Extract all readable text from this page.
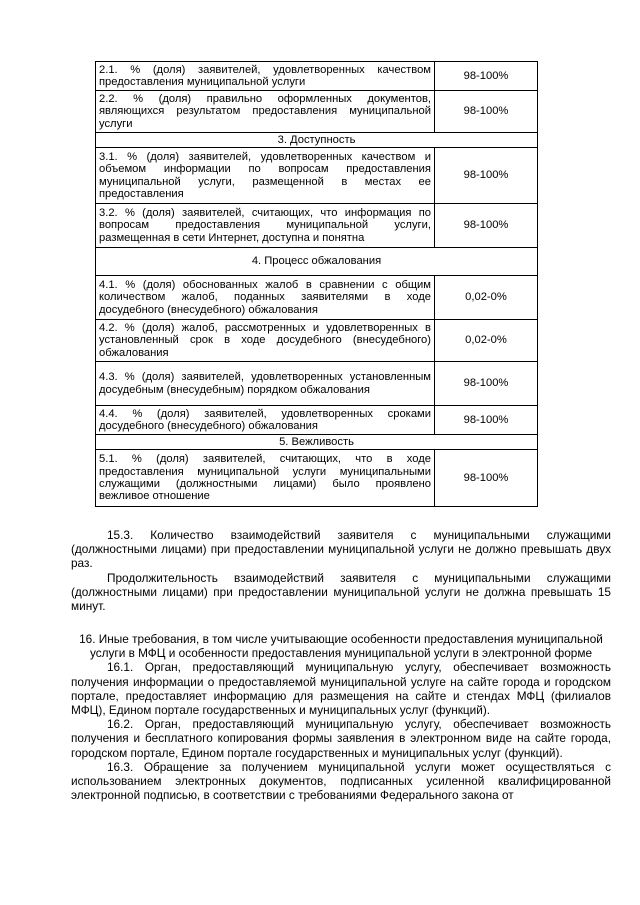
2.1. % (доля) заявителей, удовлетворенных качеством предоставления муниципальной услуги	98-100%
2.2. % (доля) правильно оформленных документов, являющихся результатом предоставления муниципальной услуги	98-100%
3. Доступность	
3.1. % (доля) заявителей, удовлетворенных качеством и объемом информации по вопросам предоставления муниципальной услуги, размещенной в местах ее предоставления	98-100%
3.2. % (доля) заявителей, считающих, что информация по вопросам предоставления муниципальной услуги, размещенная в сети Интернет, доступна и понятна	98-100%
4. Процесс обжалования	
4.1. % (доля) обоснованных жалоб в сравнении с общим количеством жалоб, поданных заявителями в ходе досудебного (внесудебного) обжалования	0,02-0%
4.2. % (доля) жалоб, рассмотренных и удовлетворенных в установленный срок в ходе досудебного (внесудебного) обжалования	0,02-0%
4.3. % (доля) заявителей, удовлетворенных установленным досудебным (внесудебным) порядком обжалования	98-100%
4.4. % (доля) заявителей, удовлетворенных сроками досудебного (внесудебного) обжалования	98-100%
5. Вежливость	
5.1. % (доля) заявителей, считающих, что в ходе предоставления муниципальной услуги муниципальными служащими (должностными лицами) было проявлено вежливое отношение	98-100%

15.3. Количество взаимодействий заявителя с муниципальными служащими (должностными лицами) при предоставлении муниципальной услуги не должно превышать двух раз.

Продолжительность взаимодействий заявителя с муниципальными служащими (должностными лицами) при предоставлении муниципальной услуги не должна превышать 15 минут.

16. Иные требования, в том числе учитывающие особенности предоставления муниципальной услуги в МФЦ и особенности предоставления муниципальной услуги в электронной форме

16.1. Орган, предоставляющий муниципальную услугу, обеспечивает возможность получения информации о предоставляемой муниципальной услуге на сайте города и городском портале, предоставляет информацию для размещения на сайте и стендах МФЦ (филиалов МФЦ), Едином портале государственных и муниципальных услуг (функций).

16.2. Орган, предоставляющий муниципальную услугу, обеспечивает возможность получения и бесплатного копирования формы заявления в электронном виде на сайте города, городском портале, Едином портале государственных и муниципальных услуг (функций).

16.3. Обращение за получением муниципальной услуги может осуществляться с использованием электронных документов, подписанных усиленной квалифицированной электронной подписью, в соответствии с требованиями Федерального закона от
